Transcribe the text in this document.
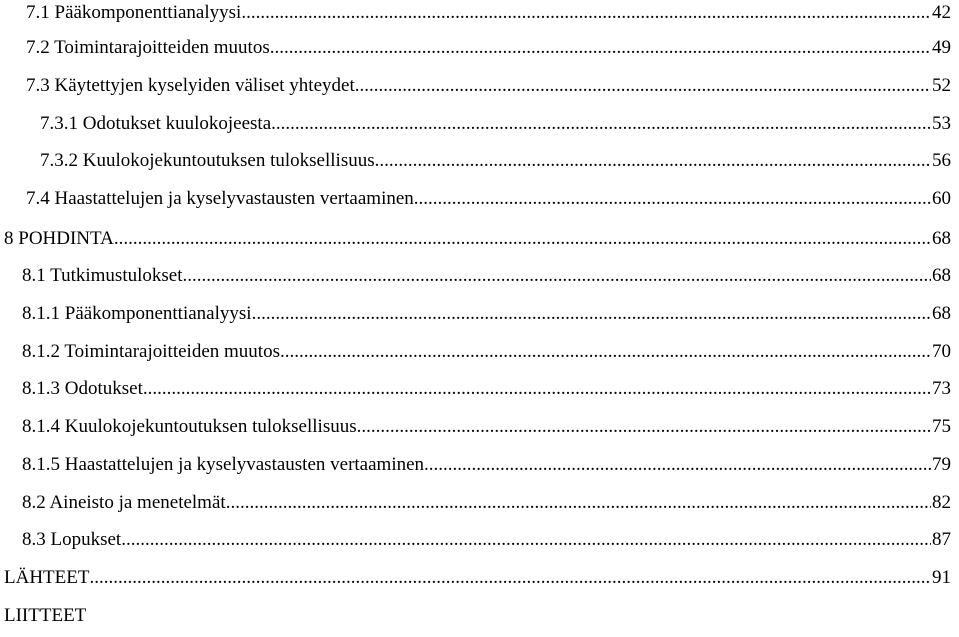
7.1 Pääkomponenttianalyysi .....	42
7.2 Toimintarajoitteiden muutos .....	49
7.3 Käytettyjen kyselyiden väliset yhteydet .....	52
7.3.1 Odotukset kuulokojeesta .....	53
7.3.2 Kuulokojekuntoutuksen tuloksellisuus .....	56
7.4 Haastattelujen ja kyselyvastausten vertaaminen .....	60
8 POHDINTA .....	68
8.1 Tutkimustulokset .....	68
8.1.1 Pääkomponenttianalyysi .....	68
8.1.2 Toimintarajoitteiden muutos .....	70
8.1.3 Odotukset .....	73
8.1.4 Kuulokojekuntoutuksen tuloksellisuus .....	75
8.1.5 Haastattelujen ja kyselyvastausten vertaaminen .....	79
8.2 Aineisto ja menetelmät .....	82
8.3 Lopukset .....	87
LÄHTEET .....	91
LIITTEET
